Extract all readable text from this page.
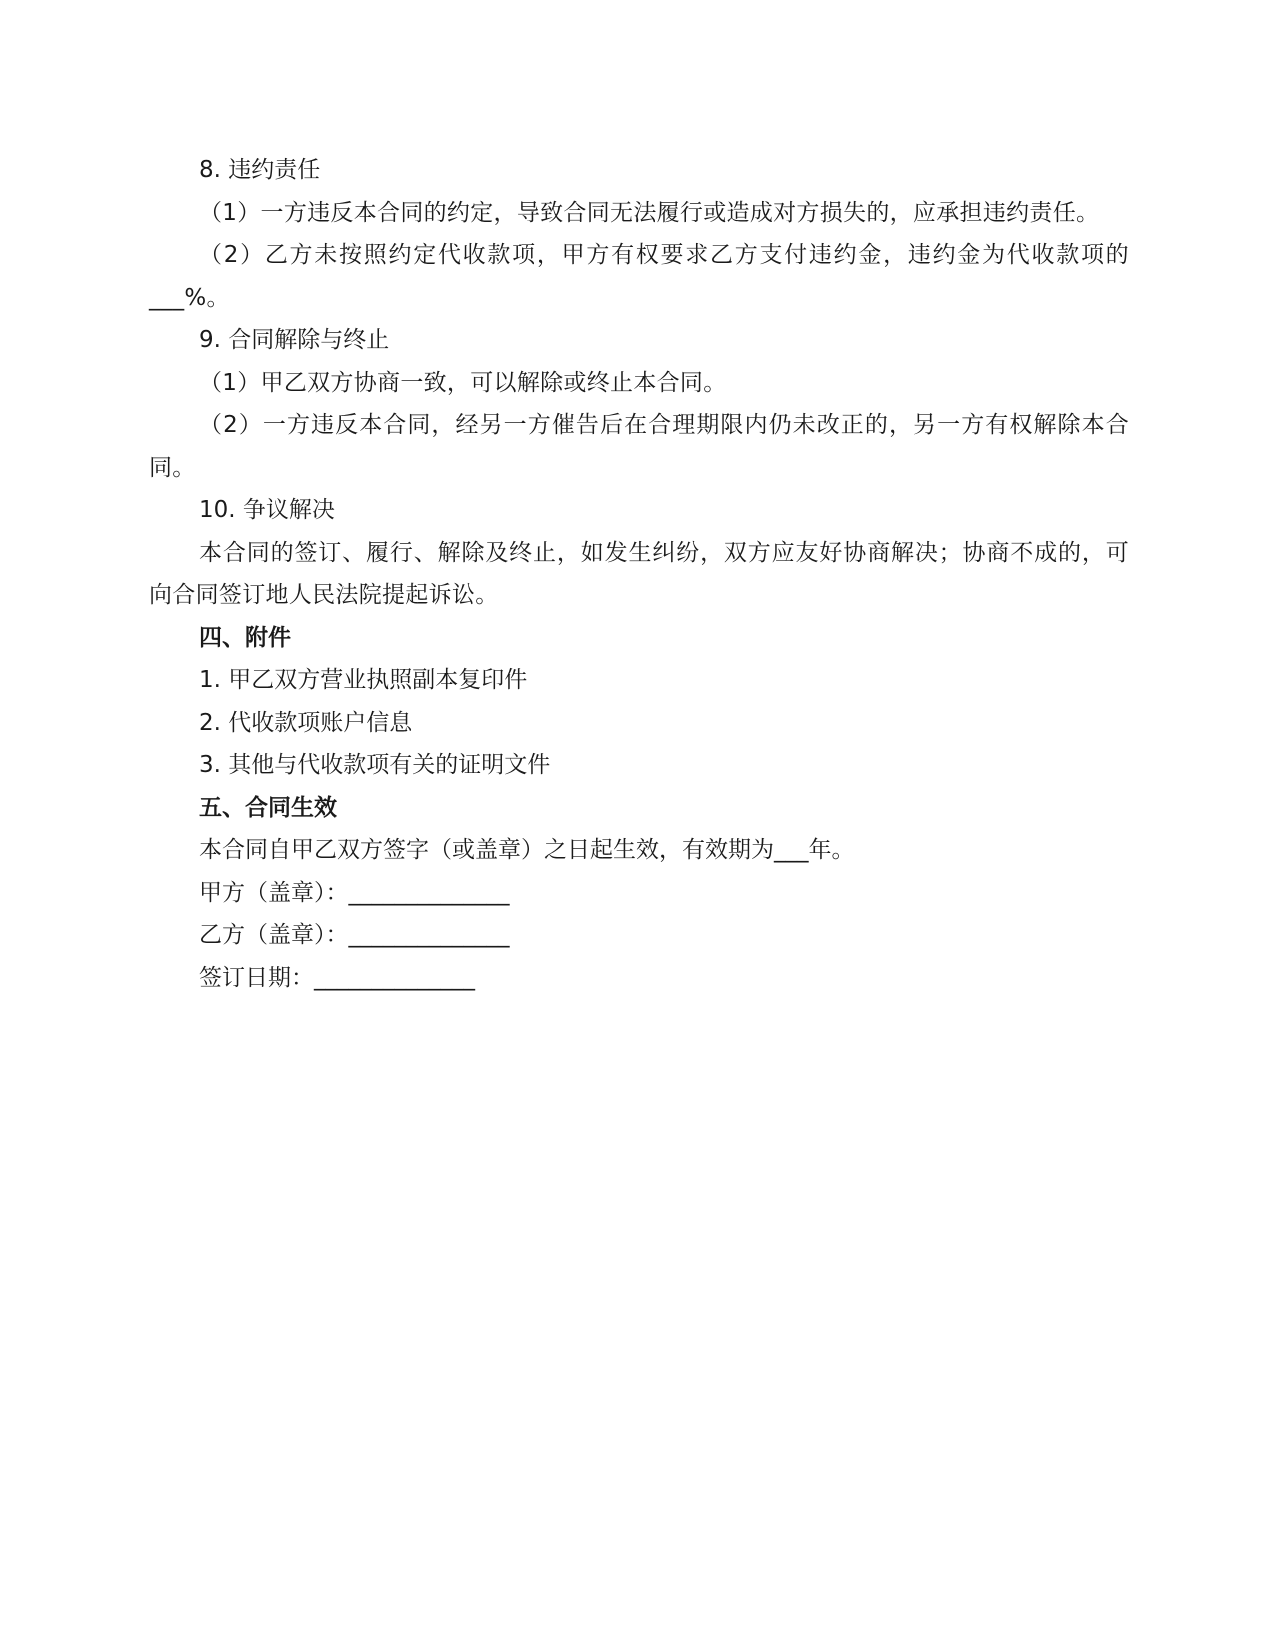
8. 违约责任

（1）一方违反本合同的约定，导致合同无法履行或造成对方损失的，应承担违约责任。

（2）乙方未按照约定代收款项，甲方有权要求乙方支付违约金，违约金为代收款项的___%。

9. 合同解除与终止

（1）甲乙双方协商一致，可以解除或终止本合同。

（2）一方违反本合同，经另一方催告后在合理期限内仍未改正的，另一方有权解除本合同。

10. 争议解决

本合同的签订、履行、解除及终止，如发生纠纷，双方应友好协商解决；协商不成的，可向合同签订地人民法院提起诉讼。

四、附件

1. 甲乙双方营业执照副本复印件

2. 代收款项账户信息

3. 其他与代收款项有关的证明文件

五、合同生效

本合同自甲乙双方签字（或盖章）之日起生效，有效期为___年。

甲方（盖章）：______________

乙方（盖章）：______________

签订日期：______________
